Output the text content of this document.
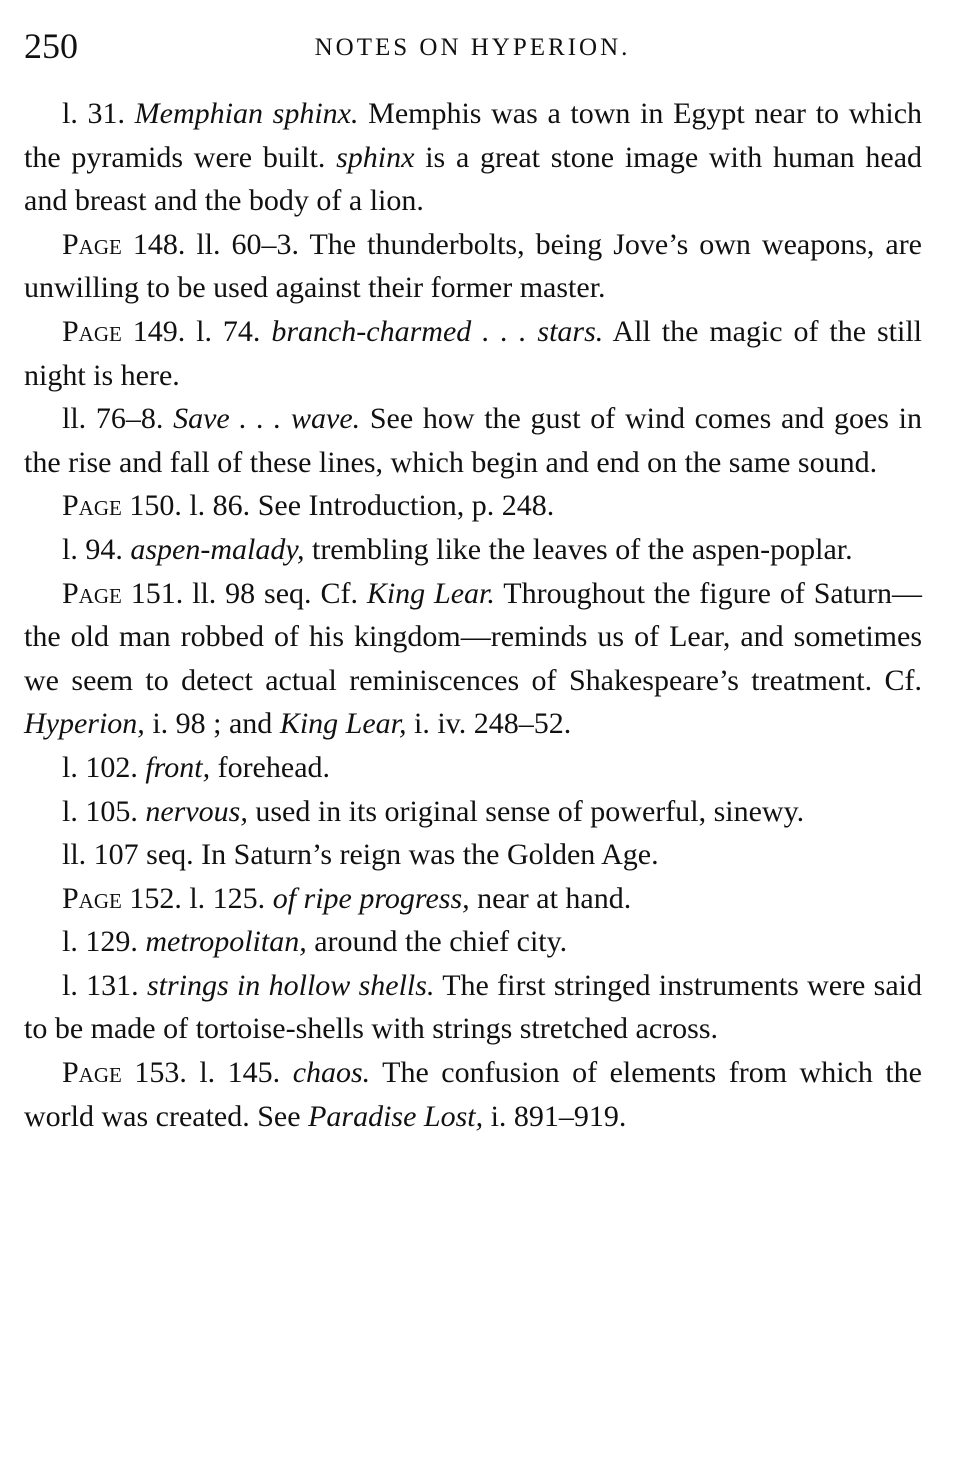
250	NOTES ON HYPERION.

l. 31. Memphian sphinx. Memphis was a town in Egypt near to which the pyramids were built. sphinx is a great stone image with human head and breast and the body of a lion.

Page 148. ll. 60–3. The thunderbolts, being Jove’s own weapons, are unwilling to be used against their former master.

Page 149. l. 74. branch-charmed . . . stars. All the magic of the still night is here.

ll. 76–8. Save . . . wave. See how the gust of wind comes and goes in the rise and fall of these lines, which begin and end on the same sound.

Page 150. l. 86. See Introduction, p. 248.

l. 94. aspen-malady, trembling like the leaves of the aspen-poplar.

Page 151. ll. 98 seq. Cf. King Lear. Throughout the figure of Saturn—the old man robbed of his kingdom—reminds us of Lear, and sometimes we seem to detect actual reminiscences of Shakespeare’s treatment. Cf. Hyperion, i. 98 ; and King Lear, i. iv. 248–52.

l. 102. front, forehead.

l. 105. nervous, used in its original sense of powerful, sinewy.

ll. 107 seq. In Saturn’s reign was the Golden Age.

Page 152. l. 125. of ripe progress, near at hand.

l. 129. metropolitan, around the chief city.

l. 131. strings in hollow shells. The first stringed instruments were said to be made of tortoise-shells with strings stretched across.

Page 153. l. 145. chaos. The confusion of elements from which the world was created. See Paradise Lost, i. 891–919.
